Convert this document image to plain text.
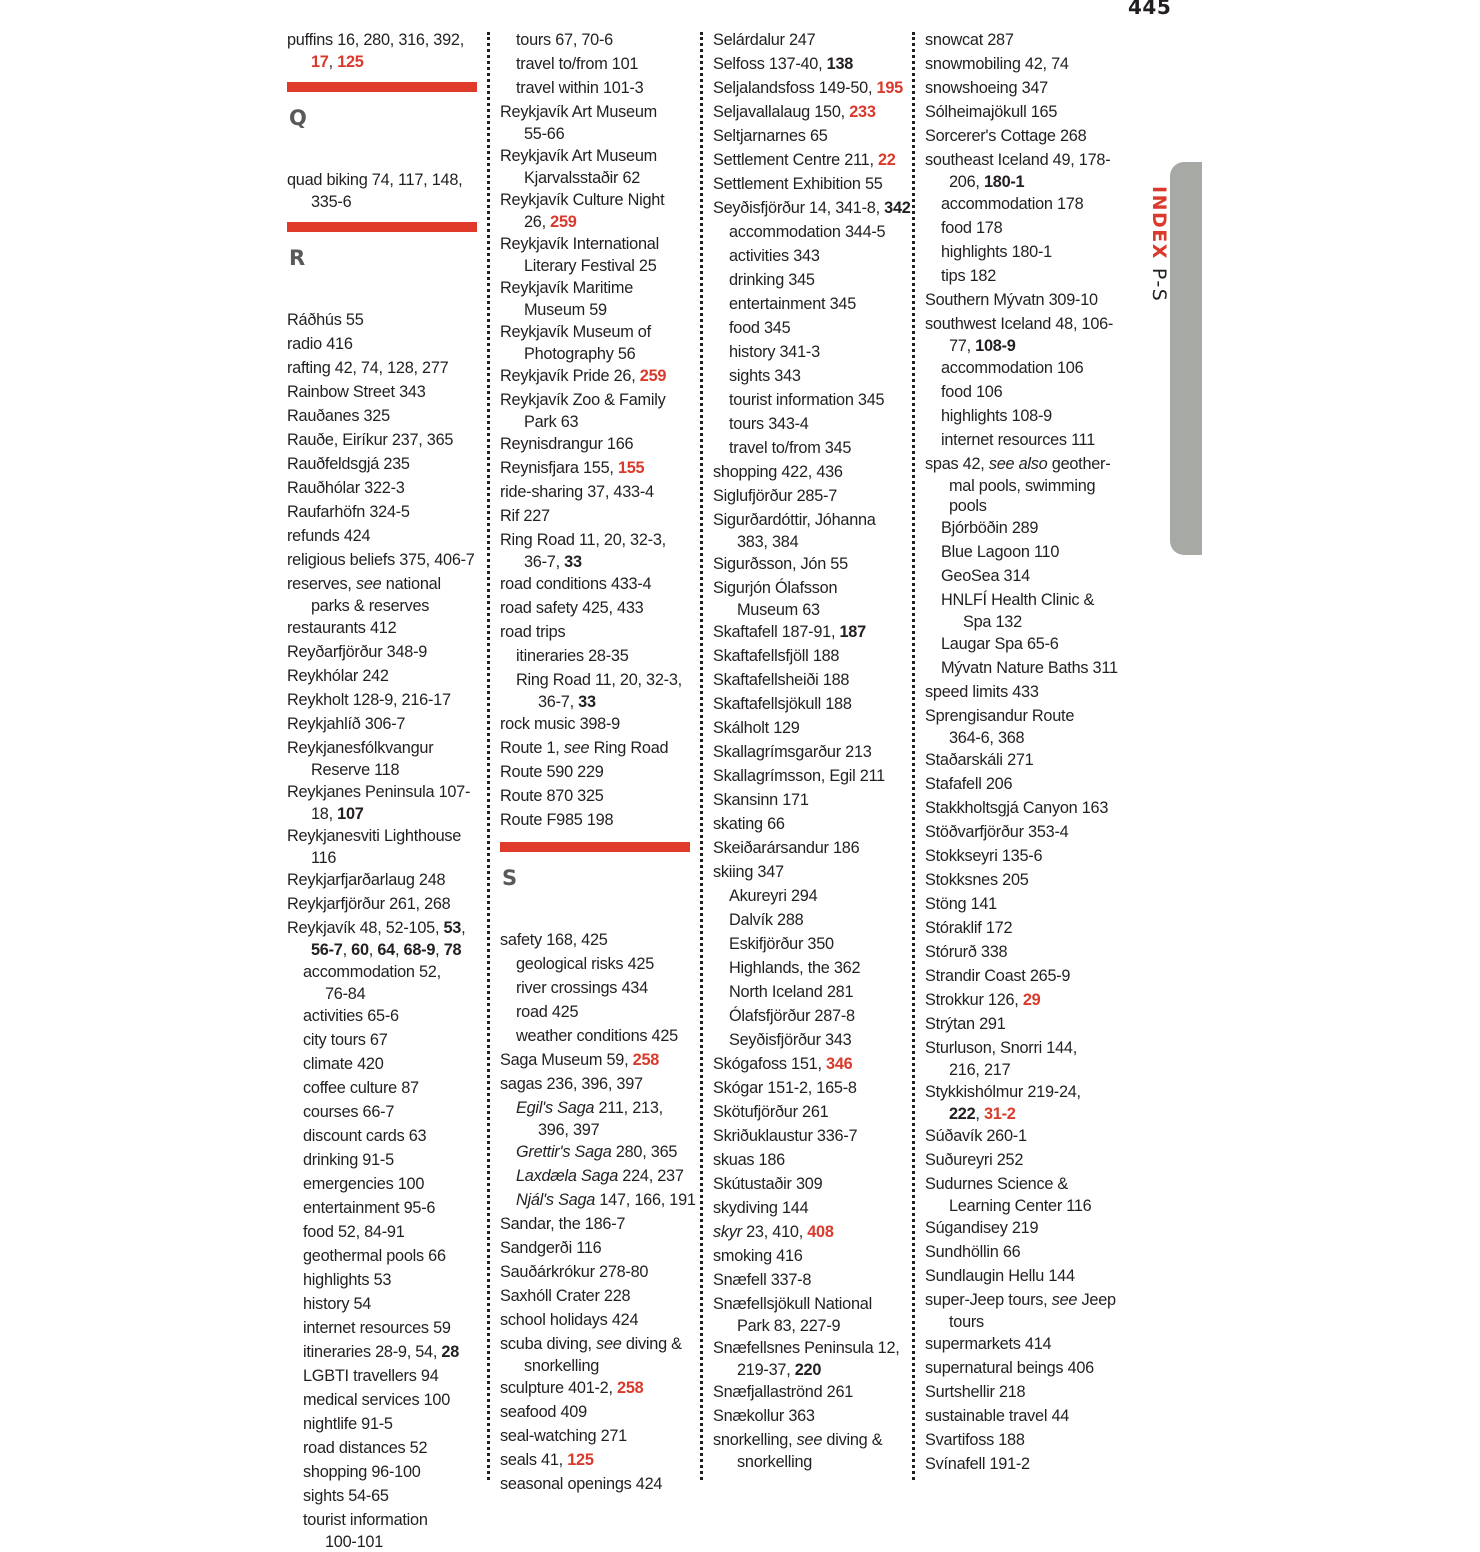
445
INDEXP-S
puffins 16, 280, 316, 392,
17, 125
Q
quad biking 74, 117, 148,
335-6
R
Ráðhús 55
radio 416
rafting 42, 74, 128, 277
Rainbow Street 343
Rauðanes 325
Rauðe, Eiríkur 237, 365
Rauðfeldsgjá 235
Rauðhólar 322-3
Raufarhöfn 324-5
refunds 424
religious beliefs 375, 406-7
reserves, see national
parks & reserves
restaurants 412
Reyðarfjörður 348-9
Reykhólar 242
Reykholt 128-9, 216-17
Reykjahlíð 306-7
Reykjanesfólkvangur
Reserve 118
Reykjanes Peninsula 107-
18, 107
Reykjanesviti Lighthouse
116
Reykjarfjarðarlaug 248
Reykjarfjörður 261, 268
Reykjavík 48, 52-105, 53,
56-7, 60, 64, 68-9, 78
accommodation 52,
76-84
activities 65-6
city tours 67
climate 420
coffee culture 87
courses 66-7
discount cards 63
drinking 91-5
emergencies 100
entertainment 95-6
food 52, 84-91
geothermal pools 66
highlights 53
history 54
internet resources 59
itineraries 28-9, 54, 28
LGBTI travellers 94
medical services 100
nightlife 91-5
road distances 52
shopping 96-100
sights 54-65
tourist information
100-101
tours 67, 70-6
travel to/from 101
travel within 101-3
Reykjavík Art Museum
55-66
Reykjavík Art Museum
Kjarvalsstaðir 62
Reykjavík Culture Night
26, 259
Reykjavík International
Literary Festival 25
Reykjavík Maritime
Museum 59
Reykjavík Museum of
Photography 56
Reykjavík Pride 26, 259
Reykjavík Zoo & Family
Park 63
Reynisdrangur 166
Reynisfjara 155, 155
ride-sharing 37, 433-4
Rif 227
Ring Road 11, 20, 32-3,
36-7, 33
road conditions 433-4
road safety 425, 433
road trips
itineraries 28-35
Ring Road 11, 20, 32-3,
36-7, 33
rock music 398-9
Route 1, see Ring Road
Route 590 229
Route 870 325
Route F985 198
S
safety 168, 425
geological risks 425
river crossings 434
road 425
weather conditions 425
Saga Museum 59, 258
sagas 236, 396, 397
Egil's Saga 211, 213,
396, 397
Grettir's Saga 280, 365
Laxdæla Saga 224, 237
Njál's Saga 147, 166, 191
Sandar, the 186-7
Sandgerði 116
Sauðárkrókur 278-80
Saxhóll Crater 228
school holidays 424
scuba diving, see diving &
snorkelling
sculpture 401-2, 258
seafood 409
seal-watching 271
seals 41, 125
seasonal openings 424
Selárdalur 247
Selfoss 137-40, 138
Seljalandsfoss 149-50, 195
Seljavallalaug 150, 233
Seltjarnarnes 65
Settlement Centre 211, 22
Settlement Exhibition 55
Seyðisfjörður 14, 341-8, 342
accommodation 344-5
activities 343
drinking 345
entertainment 345
food 345
history 341-3
sights 343
tourist information 345
tours 343-4
travel to/from 345
shopping 422, 436
Siglufjörður 285-7
Sigurðardóttir, Jóhanna
383, 384
Sigurðsson, Jón 55
Sigurjón Ólafsson
Museum 63
Skaftafell 187-91, 187
Skaftafellsfjöll 188
Skaftafellsheiði 188
Skaftafellsjökull 188
Skálholt 129
Skallagrímsgarður 213
Skallagrímsson, Egil 211
Skansinn 171
skating 66
Skeiðarársandur 186
skiing 347
Akureyri 294
Dalvík 288
Eskifjörður 350
Highlands, the 362
North Iceland 281
Ólafsfjörður 287-8
Seyðisfjörður 343
Skógafoss 151, 346
Skógar 151-2, 165-8
Skötufjörður 261
Skriðuklaustur 336-7
skuas 186
Skútustaðir 309
skydiving 144
skyr 23, 410, 408
smoking 416
Snæfell 337-8
Snæfellsjökull National
Park 83, 227-9
Snæfellsnes Peninsula 12,
219-37, 220
Snæfjallaströnd 261
Snækollur 363
snorkelling, see diving &
snorkelling
snowcat 287
snowmobiling 42, 74
snowshoeing 347
Sólheimajökull 165
Sorcerer's Cottage 268
southeast Iceland 49, 178-
206, 180-1
accommodation 178
food 178
highlights 180-1
tips 182
Southern Mývatn 309-10
southwest Iceland 48, 106-
77, 108-9
accommodation 106
food 106
highlights 108-9
internet resources 111
spas 42, see also geother-
mal pools, swimming
pools
Bjórböðin 289
Blue Lagoon 110
GeoSea 314
HNLFÍ Health Clinic &
Spa 132
Laugar Spa 65-6
Mývatn Nature Baths 311
speed limits 433
Sprengisandur Route
364-6, 368
Staðarskáli 271
Stafafell 206
Stakkholtsgjá Canyon 163
Stöðvarfjörður 353-4
Stokkseyri 135-6
Stokksnes 205
Stöng 141
Stóraklif 172
Stórurð 338
Strandir Coast 265-9
Strokkur 126, 29
Strýtan 291
Sturluson, Snorri 144,
216, 217
Stykkishólmur 219-24,
222, 31-2
Súðavík 260-1
Suðureyri 252
Sudurnes Science &
Learning Center 116
Súgandisey 219
Sundhöllin 66
Sundlaugin Hellu 144
super-Jeep tours, see Jeep
tours
supermarkets 414
supernatural beings 406
Surtshellir 218
sustainable travel 44
Svartifoss 188
Svínafell 191-2
